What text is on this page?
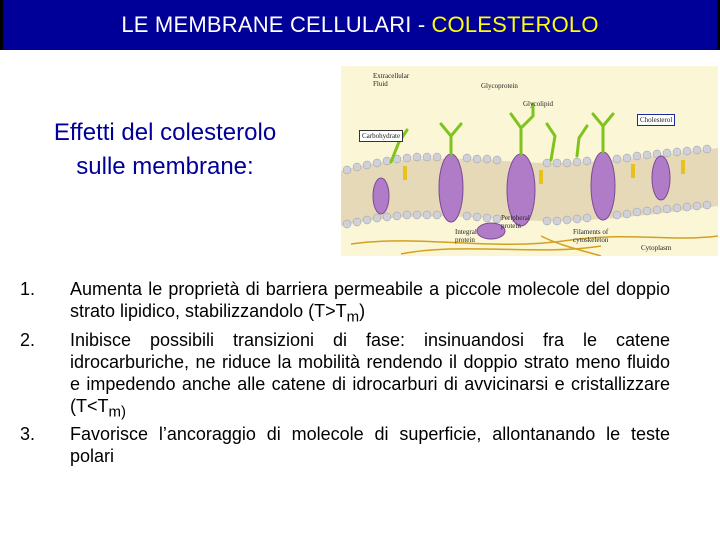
LE MEMBRANE CELLULARI - COLESTEROLO
Effetti del colesterolo
sulle membrane:
Extracellular
Fluid	Glycoprotein
Glycolipid
Carbohydrate
Cholesterol
Peripheral
protein
Integral
protein
Filaments of
cytoskeleton
Cytoplasm
1.	Aumenta le proprietà di barriera permeabile a piccole molecole del doppio strato lipidico, stabilizzandolo $(T>T_m)$
2.	Inibisce possibili transizioni di fase: insinuandosi fra le catene idrocarburiche, ne riduce la mobilità rendendo il doppio strato meno fluido e impedendo anche alle catene di idrocarburi di avvicinarsi e cristallizzare ($T<T_{m)}$
3.	Favorisce l’ancoraggio di molecole di superficie, allontanando le teste polari
